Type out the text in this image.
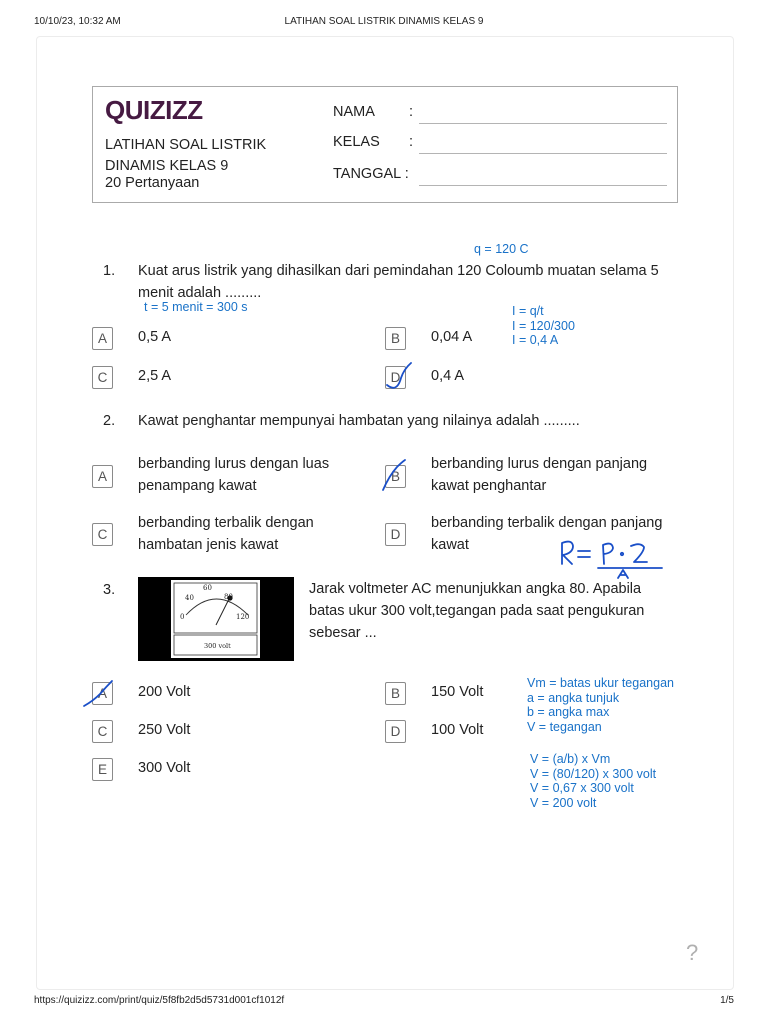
10/10/23, 10:32 AM	LATIHAN SOAL LISTRIK DINAMIS KELAS 9
QUIZIZZ
LATIHAN SOAL LISTRIK DINAMIS KELAS 9
20 Pertanyaan
NAMA :
KELAS :
TANGGAL :
q = 120 C
1. Kuat arus listrik yang dihasilkan dari pemindahan 120 Coloumb muatan selama 5 menit adalah .........
t = 5 menit = 300 s	I = q/t
I = 120/300
I = 0,4 A
A	0,5 A	B	0,04 A
C	2,5 A	D	0,4 A
2. Kawat penghantar mempunyai hambatan yang nilainya adalah .........
A
berbanding lurus dengan luas penampang kawat
B
berbanding lurus dengan panjang kawat penghantar
C
berbanding terbalik dengan hambatan jenis kawat
D
berbanding terbalik dengan panjang kawat
3.
0
40
60
80
120
300 volt
Jarak voltmeter AC menunjukkan angka 80. Apabila batas ukur 300 volt,tegangan pada saat pengukuran sebesar ...
A	200 Volt	B	150 Volt
C	250 Volt	D	100 Volt
E	300 Volt
Vm = batas ukur tegangan
a = angka tunjuk
b = angka max
V = tegangan
V = (a/b) x Vm
V = (80/120) x 300 volt
V = 0,67 x 300 volt
V = 200 volt
?
https://quizizz.com/print/quiz/5f8fb2d5d5731d001cf1012f	1/5
